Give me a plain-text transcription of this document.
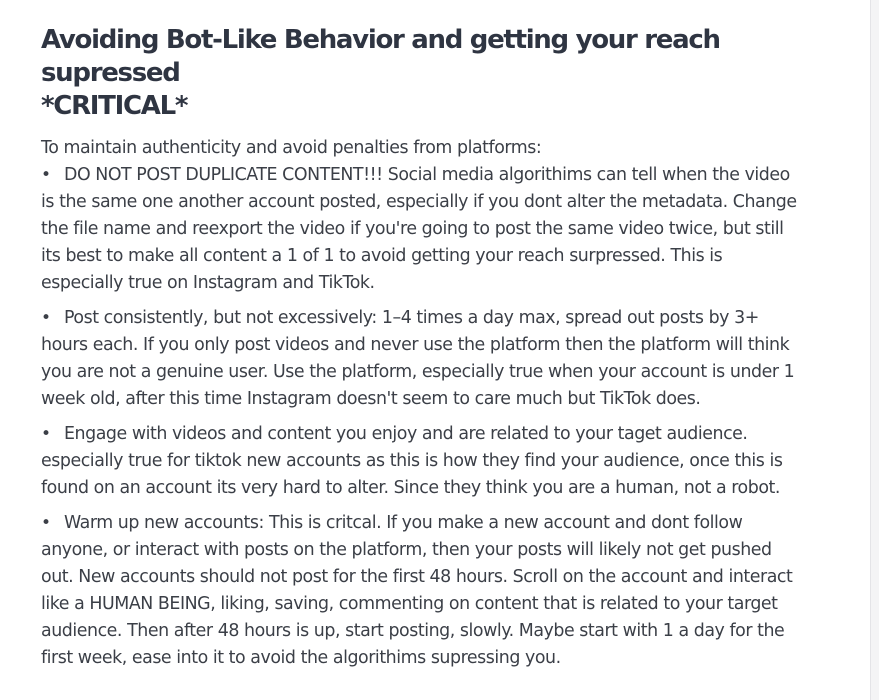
Avoiding Bot-Like Behavior and getting your reach supressed
*CRITICAL*

To maintain authenticity and avoid penalties from platforms:

• DO NOT POST DUPLICATE CONTENT!!! Social media algorithims can tell when the video is the same one another account posted, especially if you dont alter the metadata. Change the file name and reexport the video if you're going to post the same video twice, but still its best to make all content a 1 of 1 to avoid getting your reach surpressed. This is especially true on Instagram and TikTok.
• Post consistently, but not excessively: 1–4 times a day max, spread out posts by 3+ hours each. If you only post videos and never use the platform then the platform will think you are not a genuine user. Use the platform, especially true when your account is under 1 week old, after this time Instagram doesn't seem to care much but TikTok does.
• Engage with videos and content you enjoy and are related to your taget audience. especially true for tiktok new accounts as this is how they find your audience, once this is found on an account its very hard to alter. Since they think you are a human, not a robot.
• Warm up new accounts: This is critcal. If you make a new account and dont follow anyone, or interact with posts on the platform, then your posts will likely not get pushed out. New accounts should not post for the first 48 hours. Scroll on the account and interact like a HUMAN BEING, liking, saving, commenting on content that is related to your target audience. Then after 48 hours is up, start posting, slowly. Maybe start with 1 a day for the first week, ease into it to avoid the algorithims supressing you.
